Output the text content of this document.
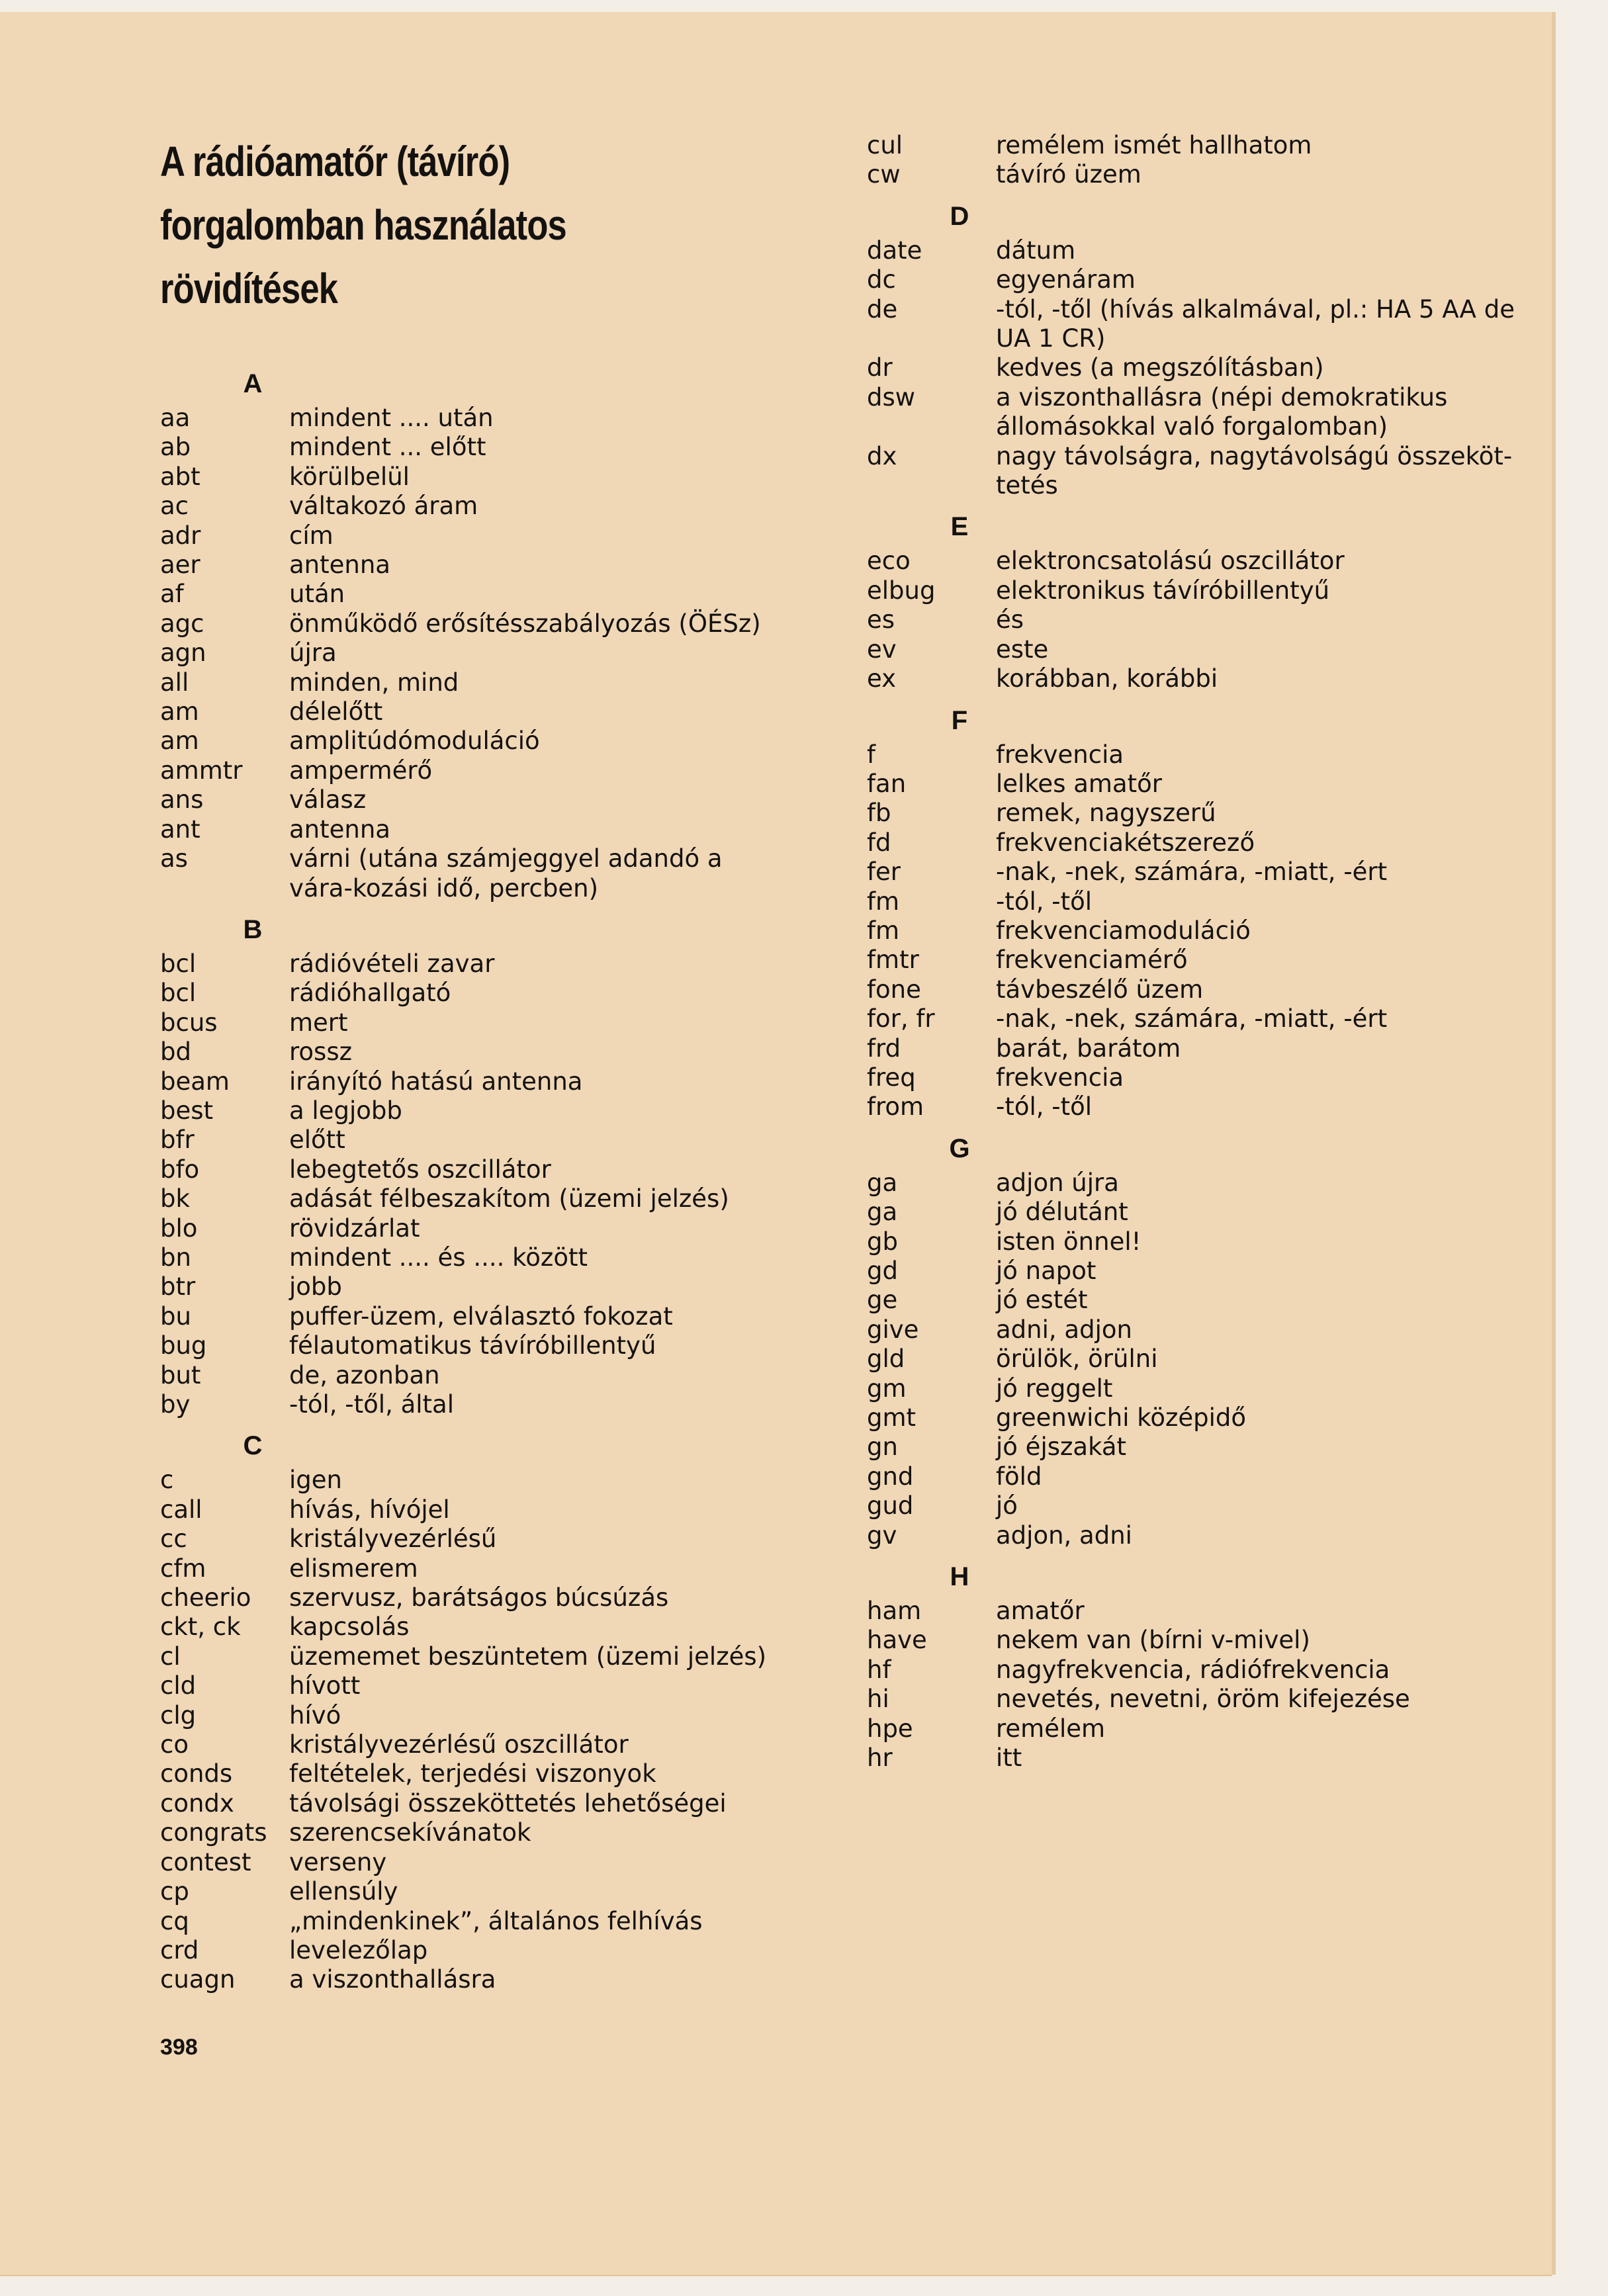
A rádióamatőr (távíró)
forgalomban használatos
rövidítések
A
aa	mindent .... után
ab	mindent ... előtt
abt	körülbelül
ac	váltakozó áram
adr	cím
aer	antenna
af	után
agc	önműködő erősítésszabályozás (ÖÉSz)
agn	újra
all	minden, mind
am	délelőtt
am	amplitúdómoduláció
ammtr	ampermérő
ans	válasz
ant	antenna
as	várni (utána számjeggyel adandó a vára-kozási idő, percben)
B
bcl	rádióvételi zavar
bcl	rádióhallgató
bcus	mert
bd	rossz
beam	irányító hatású antenna
best	a legjobb
bfr	előtt
bfo	lebegtetős oszcillátor
bk	adását félbeszakítom (üzemi jelzés)
blo	rövidzárlat
bn	mindent .... és .... között
btr	jobb
bu	puffer-üzem, elválasztó fokozat
bug	félautomatikus távíróbillentyű
but	de, azonban
by	-tól, -től, által
C
c	igen
call	hívás, hívójel
cc	kristályvezérlésű
cfm	elismerem
cheerio	szervusz, barátságos búcsúzás
ckt, ck	kapcsolás
cl	üzememet beszüntetem (üzemi jelzés)
cld	hívott
clg	hívó
co	kristályvezérlésű oszcillátor
conds	feltételek, terjedési viszonyok
condx	távolsági összeköttetés lehetőségei
congrats szerencsekívánatok
contest	verseny
cp	ellensúly
cq	„mindenkinek”, általános felhívás
crd	levelezőlap
cuagn	a viszonthallásra
cul	remélem ismét hallhatom
cw	távíró üzem
D
date	dátum
dc	egyenáram
de	-tól, -től (hívás alkalmával, pl.: HA 5 AA de UA 1 CR)
dr	kedves (a megszólításban)
dsw	a viszonthallásra (népi demokratikus állomásokkal való forgalomban)
dx	nagy távolságra, nagytávolságú összeköt-tetés
E
eco	elektroncsatolású oszcillátor
elbug	elektronikus távíróbillentyű
es	és
ev	este
ex	korábban, korábbi
F
f	frekvencia
fan	lelkes amatőr
fb	remek, nagyszerű
fd	frekvenciakétszerező
fer	-nak, -nek, számára, -miatt, -ért
fm	-tól, -től
fm	frekvenciamoduláció
fmtr	frekvenciamérő
fone	távbeszélő üzem
for, fr	-nak, -nek, számára, -miatt, -ért
frd	barát, barátom
freq	frekvencia
from	-tól, -től
G
ga	adjon újra
ga	jó délutánt
gb	isten önnel!
gd	jó napot
ge	jó estét
give	adni, adjon
gld	örülök, örülni
gm	jó reggelt
gmt	greenwichi középidő
gn	jó éjszakát
gnd	föld
gud	jó
gv	adjon, adni
H
ham	amatőr
have	nekem van (bírni v-mivel)
hf	nagyfrekvencia, rádiófrekvencia
hi	nevetés, nevetni, öröm kifejezése
hpe	remélem
hr	itt
398
